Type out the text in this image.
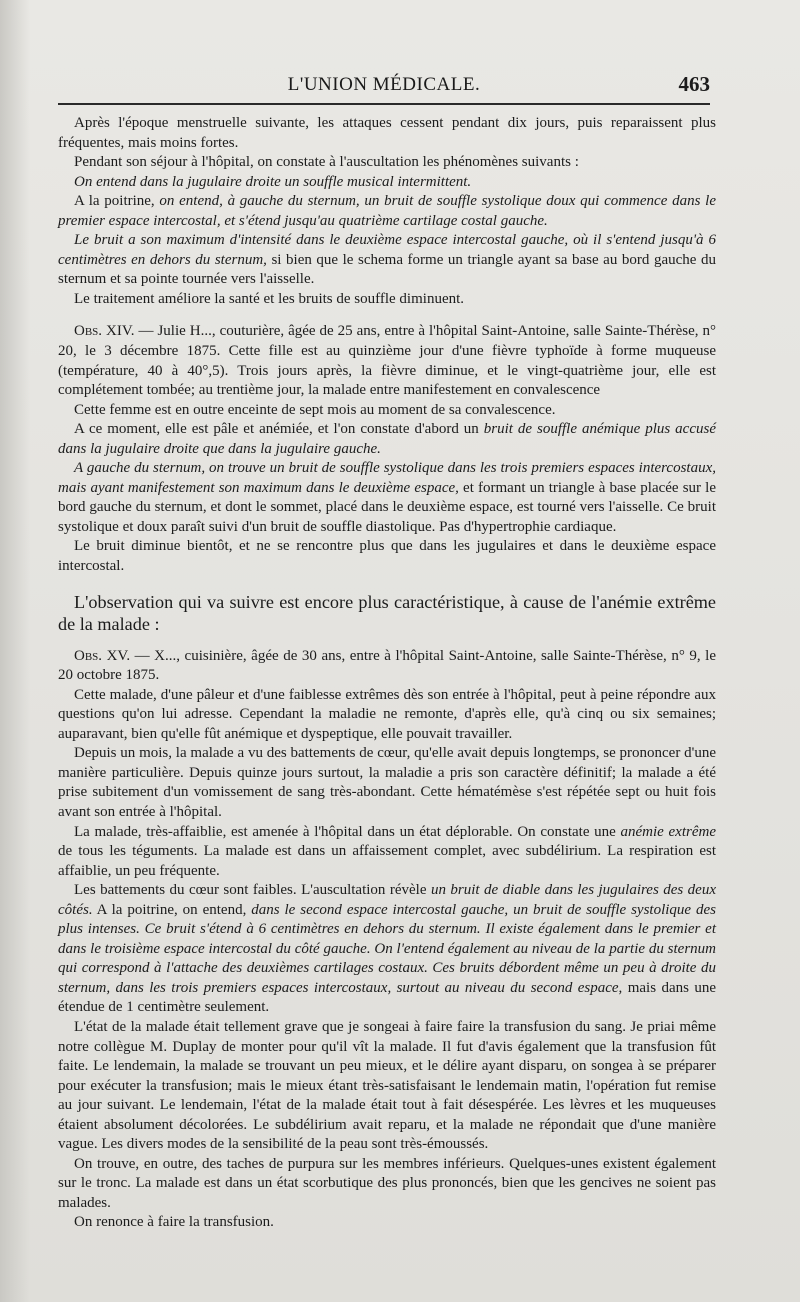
L'UNION MÉDICALE.	463

Après l'époque menstruelle suivante, les attaques cessent pendant dix jours, puis reparaissent plus fréquentes, mais moins fortes.

Pendant son séjour à l'hôpital, on constate à l'auscultation les phénomènes suivants :

On entend dans la jugulaire droite un souffle musical intermittent.

A la poitrine, on entend, à gauche du sternum, un bruit de souffle systolique doux qui commence dans le premier espace intercostal, et s'étend jusqu'au quatrième cartilage costal gauche.

Le bruit a son maximum d'intensité dans le deuxième espace intercostal gauche, où il s'entend jusqu'à 6 centimètres en dehors du sternum, si bien que le schema forme un triangle ayant sa base au bord gauche du sternum et sa pointe tournée vers l'aisselle.

Le traitement améliore la santé et les bruits de souffle diminuent.

Obs. XIV. — Julie H..., couturière, âgée de 25 ans, entre à l'hôpital Saint-Antoine, salle Sainte-Thérèse, n° 20, le 3 décembre 1875. Cette fille est au quinzième jour d'une fièvre typhoïde à forme muqueuse (température, 40 à 40°,5). Trois jours après, la fièvre diminue, et le vingt-quatrième jour, elle est complétement tombée; au trentième jour, la malade entre manifestement en convalescence

Cette femme est en outre enceinte de sept mois au moment de sa convalescence.

A ce moment, elle est pâle et anémiée, et l'on constate d'abord un bruit de souffle anémique plus accusé dans la jugulaire droite que dans la jugulaire gauche.

A gauche du sternum, on trouve un bruit de souffle systolique dans les trois premiers espaces intercostaux, mais ayant manifestement son maximum dans le deuxième espace, et formant un triangle à base placée sur le bord gauche du sternum, et dont le sommet, placé dans le deuxième espace, est tourné vers l'aisselle. Ce bruit systolique et doux paraît suivi d'un bruit de souffle diastolique. Pas d'hypertrophie cardiaque.

Le bruit diminue bientôt, et ne se rencontre plus que dans les jugulaires et dans le deuxième espace intercostal.

L'observation qui va suivre est encore plus caractéristique, à cause de l'anémie extrême de la malade :

Obs. XV. — X..., cuisinière, âgée de 30 ans, entre à l'hôpital Saint-Antoine, salle Sainte-Thérèse, n° 9, le 20 octobre 1875.

Cette malade, d'une pâleur et d'une faiblesse extrêmes dès son entrée à l'hôpital, peut à peine répondre aux questions qu'on lui adresse. Cependant la maladie ne remonte, d'après elle, qu'à cinq ou six semaines; auparavant, bien qu'elle fût anémique et dyspeptique, elle pouvait travailler.

Depuis un mois, la malade a vu des battements de cœur, qu'elle avait depuis longtemps, se prononcer d'une manière particulière. Depuis quinze jours surtout, la maladie a pris son caractère définitif; la malade a été prise subitement d'un vomissement de sang très-abondant. Cette hématémèse s'est répétée sept ou huit fois avant son entrée à l'hôpital.

La malade, très-affaiblie, est amenée à l'hôpital dans un état déplorable. On constate une anémie extrême de tous les téguments. La malade est dans un affaissement complet, avec subdélirium. La respiration est affaiblie, un peu fréquente.

Les battements du cœur sont faibles. L'auscultation révèle un bruit de diable dans les jugulaires des deux côtés. A la poitrine, on entend, dans le second espace intercostal gauche, un bruit de souffle systolique des plus intenses. Ce bruit s'étend à 6 centimètres en dehors du sternum. Il existe également dans le premier et dans le troisième espace intercostal du côté gauche. On l'entend également au niveau de la partie du sternum qui correspond à l'attache des deuxièmes cartilages costaux. Ces bruits débordent même un peu à droite du sternum, dans les trois premiers espaces intercostaux, surtout au niveau du second espace, mais dans une étendue de 1 centimètre seulement.

L'état de la malade était tellement grave que je songeai à faire faire la transfusion du sang. Je priai même notre collègue M. Duplay de monter pour qu'il vît la malade. Il fut d'avis également que la transfusion fût faite. Le lendemain, la malade se trouvant un peu mieux, et le délire ayant disparu, on songea à se préparer pour exécuter la transfusion; mais le mieux étant très-satisfaisant le lendemain matin, l'opération fut remise au jour suivant. Le lendemain, l'état de la malade était tout à fait désespérée. Les lèvres et les muqueuses étaient absolument décolorées. Le subdélirium avait reparu, et la malade ne répondait que d'une manière vague. Les divers modes de la sensibilité de la peau sont très-émoussés.

On trouve, en outre, des taches de purpura sur les membres inférieurs. Quelques-unes existent également sur le tronc. La malade est dans un état scorbutique des plus prononcés, bien que les gencives ne soient pas malades.

On renonce à faire la transfusion.
